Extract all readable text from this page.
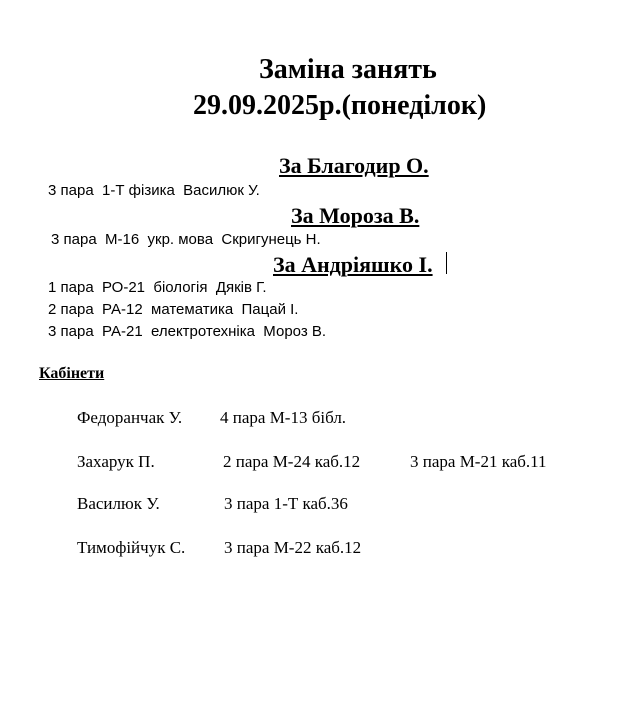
Заміна занять
29.09.2025р.(понеділок)
За Благодир О.
3 пара  1-Т фізика  Василюк У.
За Мороза В.
3 пара  М-16  укр. мова  Скригунець Н.
За Андріяшко І.
1 пара  РО-21  біологія  Дяків Г.
2 пара  РА-12  математика  Пацай І.
3 пара  РА-21  електротехніка  Мороз В.
Кабінети
Федоранчак У. 4 пара М-13 бібл.
Захарук П.	2 пара М-24 каб.12	3 пара М-21 каб.11
Василюк У.	3 пара 1-Т каб.36
Тимофійчук С. 3 пара М-22 каб.12
